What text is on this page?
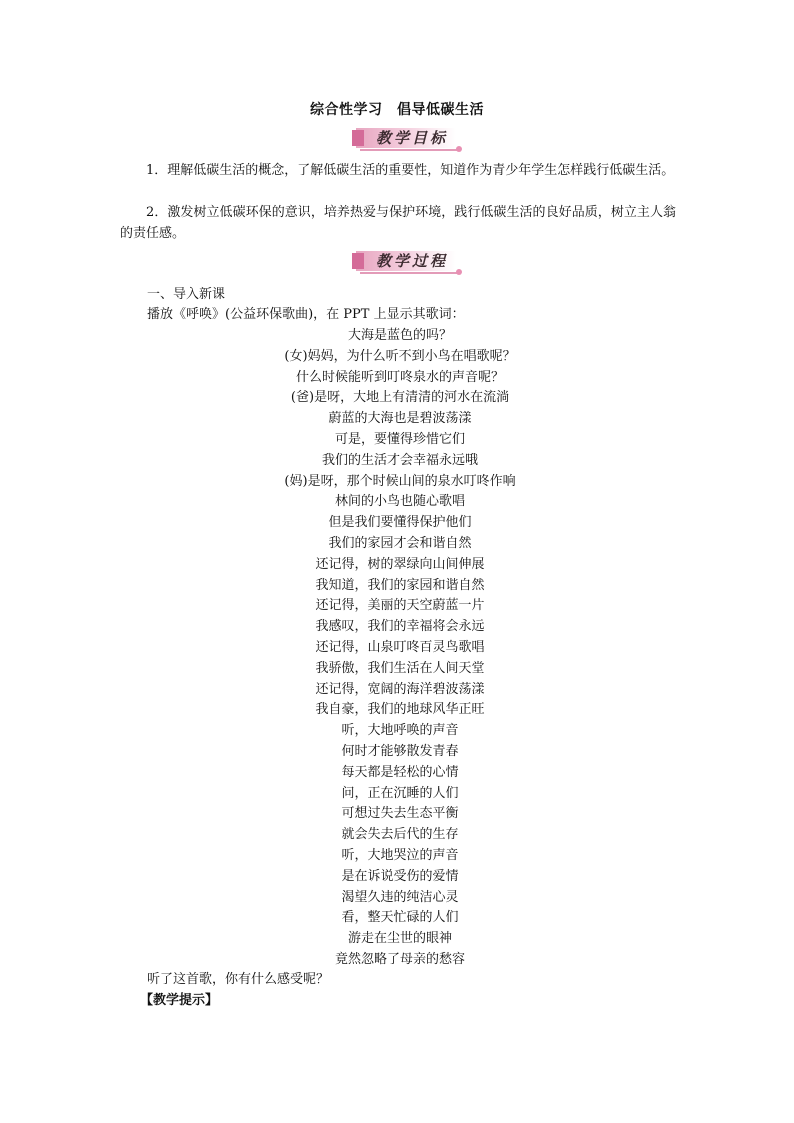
综合性学习　倡导低碳生活
教学目标
1．理解低碳生活的概念，了解低碳生活的重要性，知道作为青少年学生怎样践行低碳生活。
2．激发树立低碳环保的意识，培养热爱与保护环境，践行低碳生活的良好品质，树立主人翁的责任感。
教学过程
一、导入新课
播放《呼唤》(公益环保歌曲)，在 PPT 上显示其歌词：
大海是蓝色的吗？
(女)妈妈，为什么听不到小鸟在唱歌呢？
什么时候能听到叮咚泉水的声音呢？
(爸)是呀，大地上有清清的河水在流淌
蔚蓝的大海也是碧波荡漾
可是，要懂得珍惜它们
我们的生活才会幸福永远哦
(妈)是呀，那个时候山间的泉水叮咚作响
林间的小鸟也随心歌唱
但是我们要懂得保护他们
我们的家园才会和谐自然
还记得，树的翠绿向山间伸展
我知道，我们的家园和谐自然
还记得，美丽的天空蔚蓝一片
我感叹，我们的幸福将会永远
还记得，山泉叮咚百灵鸟歌唱
我骄傲，我们生活在人间天堂
还记得，宽阔的海洋碧波荡漾
我自豪，我们的地球风华正旺
听，大地呼唤的声音
何时才能够散发青春
每天都是轻松的心情
问，正在沉睡的人们
可想过失去生态平衡
就会失去后代的生存
听，大地哭泣的声音
是在诉说受伤的爱情
渴望久违的纯洁心灵
看，整天忙碌的人们
游走在尘世的眼神
竟然忽略了母亲的愁容
听了这首歌，你有什么感受呢？
【教学提示】
